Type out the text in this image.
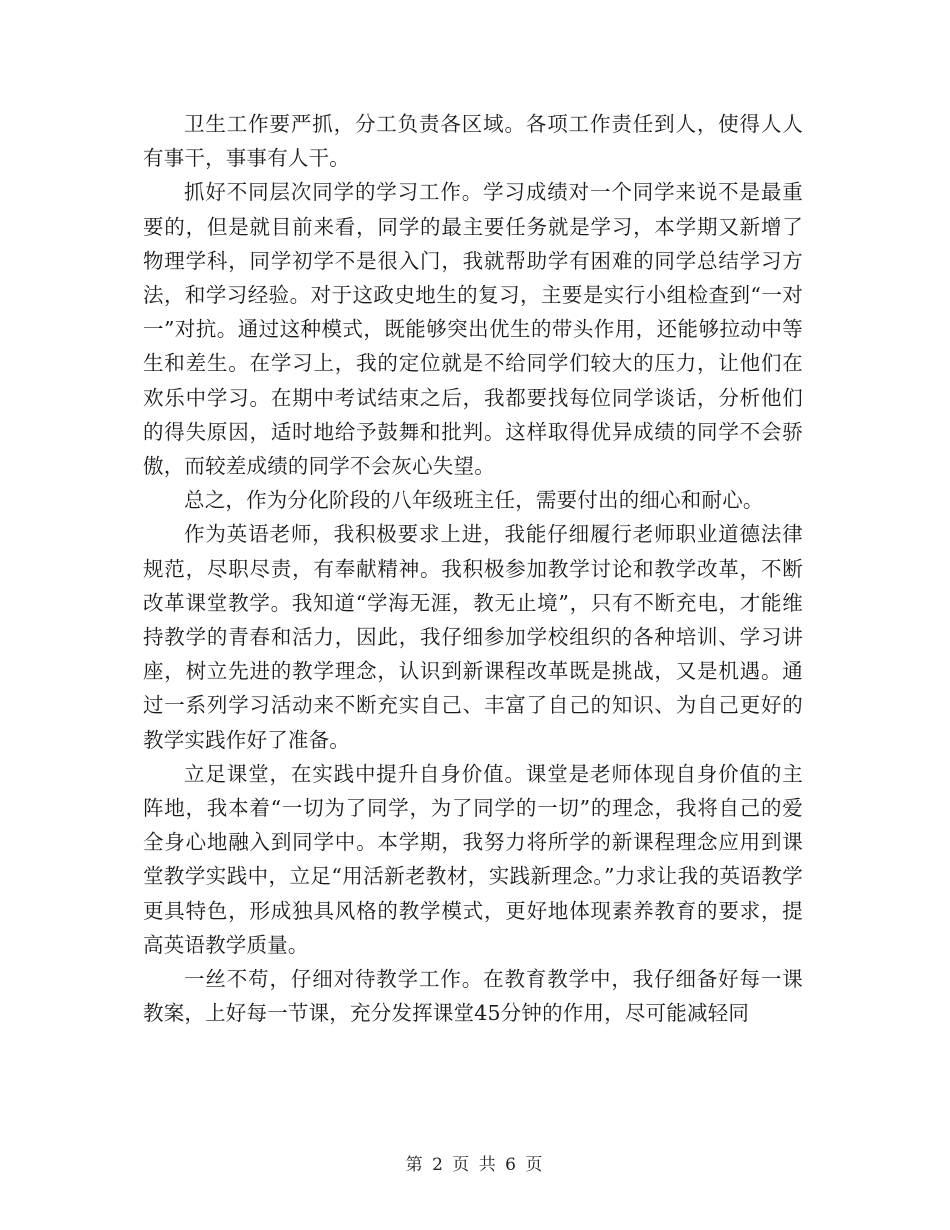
卫生工作要严抓，分工负责各区域。各项工作责任到人，使得人人有事干，事事有人干。

抓好不同层次同学的学习工作。学习成绩对一个同学来说不是最重要的，但是就目前来看，同学的最主要任务就是学习，本学期又新增了物理学科，同学初学不是很入门，我就帮助学有困难的同学总结学习方法，和学习经验。对于这政史地生的复习，主要是实行小组检查到“一对一”对抗。通过这种模式，既能够突出优生的带头作用，还能够拉动中等生和差生。在学习上，我的定位就是不给同学们较大的压力，让他们在欢乐中学习。在期中考试结束之后，我都要找每位同学谈话，分析他们的得失原因，适时地给予鼓舞和批判。这样取得优异成绩的同学不会骄傲，而较差成绩的同学不会灰心失望。

总之，作为分化阶段的八年级班主任，需要付出的细心和耐心。

作为英语老师，我积极要求上进，我能仔细履行老师职业道德法律规范，尽职尽责，有奉献精神。我积极参加教学讨论和教学改革，不断改革课堂教学。我知道“学海无涯，教无止境”，只有不断充电，才能维持教学的青春和活力，因此，我仔细参加学校组织的各种培训、学习讲座，树立先进的教学理念，认识到新课程改革既是挑战，又是机遇。通过一系列学习活动来不断充实自己、丰富了自己的知识、为自己更好的教学实践作好了准备。

立足课堂，在实践中提升自身价值。课堂是老师体现自身价值的主阵地，我本着“一切为了同学，为了同学的一切”的理念，我将自己的爱全身心地融入到同学中。本学期，我努力将所学的新课程理念应用到课堂教学实践中，立足“用活新老教材，实践新理念。”力求让我的英语教学更具特色，形成独具风格的教学模式，更好地体现素养教育的要求，提高英语教学质量。

一丝不苟，仔细对待教学工作。在教育教学中，我仔细备好每一课教案，上好每一节课，充分发挥课堂45分钟的作用，尽可能减轻同

第 2 页 共 6 页
